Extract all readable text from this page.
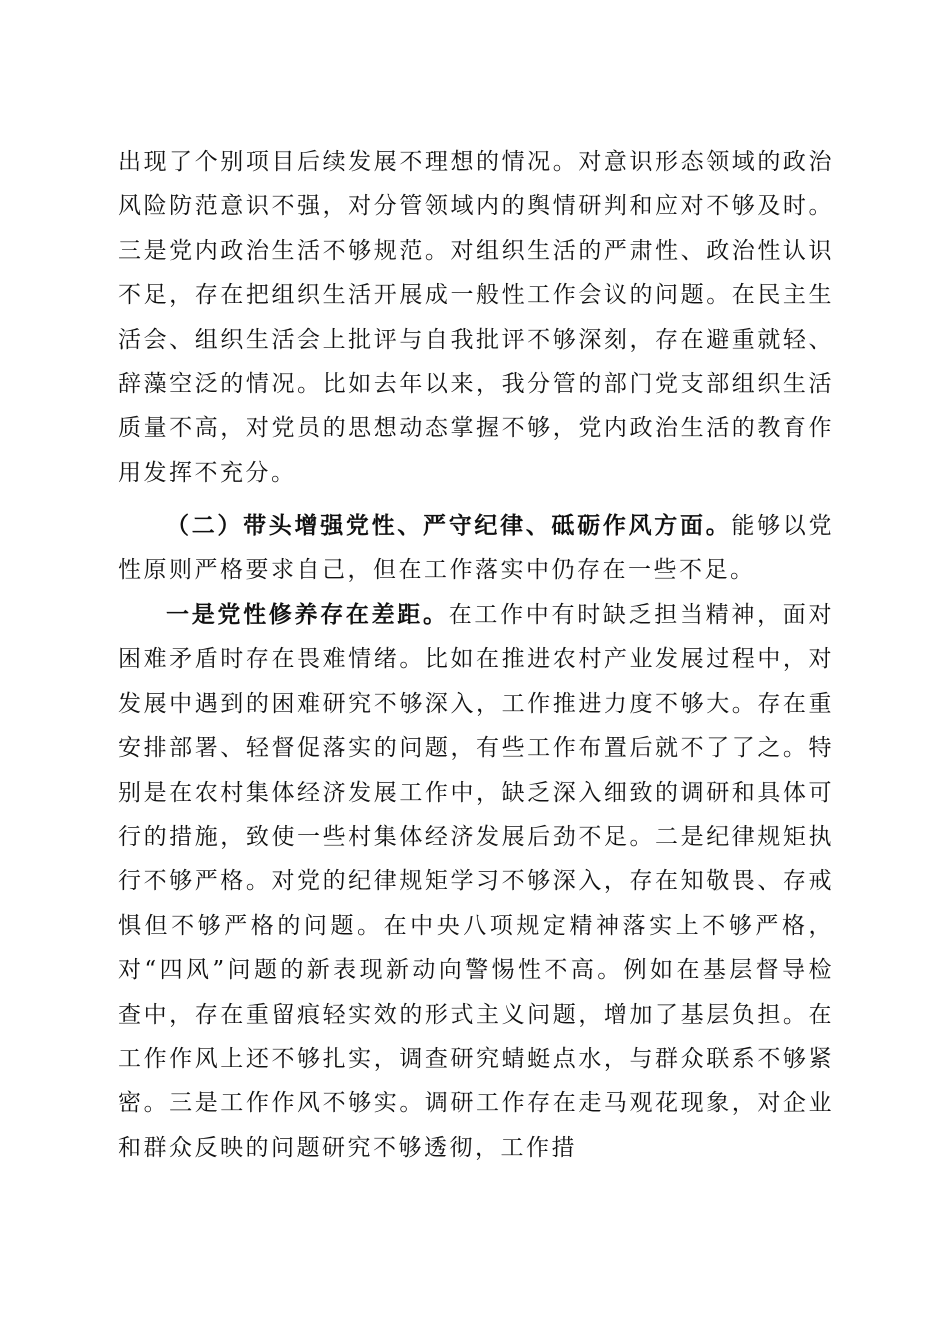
出现了个别项目后续发展不理想的情况。对意识形态领域的政治风险防范意识不强，对分管领域内的舆情研判和应对不够及时。三是党内政治生活不够规范。对组织生活的严肃性、政治性认识不足，存在把组织生活开展成一般性工作会议的问题。在民主生活会、组织生活会上批评与自我批评不够深刻，存在避重就轻、辞藻空泛的情况。比如去年以来，我分管的部门党支部组织生活质量不高，对党员的思想动态掌握不够，党内政治生活的教育作用发挥不充分。

（二）带头增强党性、严守纪律、砥砺作风方面。能够以党性原则严格要求自己，但在工作落实中仍存在一些不足。

一是党性修养存在差距。在工作中有时缺乏担当精神，面对困难矛盾时存在畏难情绪。比如在推进农村产业发展过程中，对发展中遇到的困难研究不够深入，工作推进力度不够大。存在重安排部署、轻督促落实的问题，有些工作布置后就不了了之。特别是在农村集体经济发展工作中，缺乏深入细致的调研和具体可行的措施，致使一些村集体经济发展后劲不足。二是纪律规矩执行不够严格。对党的纪律规矩学习不够深入，存在知敬畏、存戒惧但不够严格的问题。在中央八项规定精神落实上不够严格，对“四风”问题的新表现新动向警惕性不高。例如在基层督导检查中，存在重留痕轻实效的形式主义问题，增加了基层负担。在工作作风上还不够扎实，调查研究蜻蜓点水，与群众联系不够紧密。三是工作作风不够实。调研工作存在走马观花现象，对企业和群众反映的问题研究不够透彻，工作措
